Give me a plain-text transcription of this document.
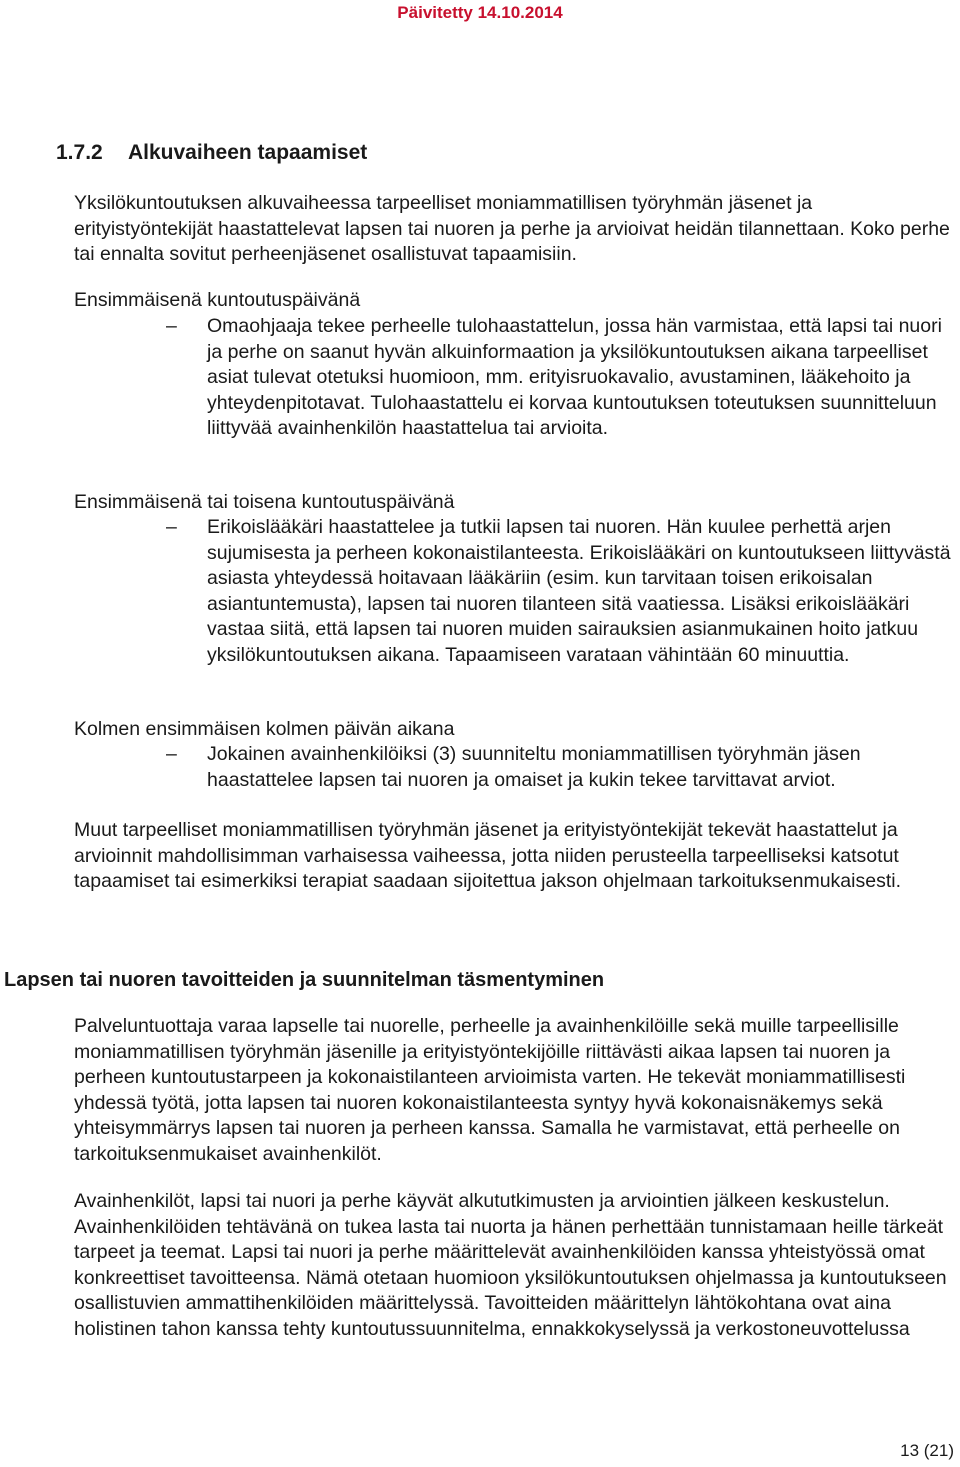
Päivitetty 14.10.2014
1.7.2 Alkuvaiheen tapaamiset

Yksilökuntoutuksen alkuvaiheessa tarpeelliset moniammatillisen työryhmän jäsenet ja erityistyöntekijät haastattelevat lapsen tai nuoren ja perhe ja arvioivat heidän tilannettaan. Koko perhe tai ennalta sovitut perheenjäsenet osallistuvat tapaamisiin.

Ensimmäisenä kuntoutuspäivänä

– Omaohjaaja tekee perheelle tulohaastattelun, jossa hän varmistaa, että lapsi tai nuori ja perhe on saanut hyvän alkuinformaation ja yksilökuntoutuksen aikana tarpeelliset asiat tulevat otetuksi huomioon, mm. erityisruokavalio, avustaminen, lääkehoito ja yhteydenpitotavat. Tulohaastattelu ei korvaa kuntoutuksen toteutuksen suunnitteluun liittyvää avainhenkilön haastattelua tai arvioita.

Ensimmäisenä tai toisena kuntoutuspäivänä

– Erikoislääkäri haastattelee ja tutkii lapsen tai nuoren. Hän kuulee perhettä arjen sujumisesta ja perheen kokonaistilanteesta. Erikoislääkäri on kuntoutukseen liittyvästä asiasta yhteydessä hoitavaan lääkäriin (esim. kun tarvitaan toisen erikoisalan asiantuntemusta), lapsen tai nuoren tilanteen sitä vaatiessa. Lisäksi erikoislääkäri vastaa siitä, että lapsen tai nuoren muiden sairauksien asianmukainen hoito jatkuu yksilökuntoutuksen aikana. Tapaamiseen varataan vähintään 60 minuuttia.

Kolmen ensimmäisen kolmen päivän aikana

– Jokainen avainhenkilöiksi (3) suunniteltu moniammatillisen työryhmän jäsen haastattelee lapsen tai nuoren ja omaiset ja kukin tekee tarvittavat arviot.

Muut tarpeelliset moniammatillisen työryhmän jäsenet ja erityistyöntekijät tekevät haastattelut ja arvioinnit mahdollisimman varhaisessa vaiheessa, jotta niiden perusteella tarpeelliseksi katsotut tapaamiset tai esimerkiksi terapiat saadaan sijoitettua jakson ohjelmaan tarkoituksenmukaisesti.

Lapsen tai nuoren tavoitteiden ja suunnitelman täsmentyminen

Palveluntuottaja varaa lapselle tai nuorelle, perheelle ja avainhenkilöille sekä muille tarpeellisille moniammatillisen työryhmän jäsenille ja erityistyöntekijöille riittävästi aikaa lapsen tai nuoren ja perheen kuntoutustarpeen ja kokonaistilanteen arvioimista varten. He tekevät moniammatillisesti yhdessä työtä, jotta lapsen tai nuoren kokonaistilanteesta syntyy hyvä kokonaisnäkemys sekä yhteisymmärrys lapsen tai nuoren ja perheen kanssa. Samalla he varmistavat, että perheelle on tarkoituksenmukaiset avainhenkilöt.

Avainhenkilöt, lapsi tai nuori ja perhe käyvät alkututkimusten ja arviointien jälkeen keskustelun. Avainhenkilöiden tehtävänä on tukea lasta tai nuorta ja hänen perhettään tunnistamaan heille tärkeät tarpeet ja teemat. Lapsi tai nuori ja perhe määrittelevät avainhenkilöiden kanssa yhteistyössä omat konkreettiset tavoitteensa. Nämä otetaan huomioon yksilökuntoutuksen ohjelmassa ja kuntoutukseen osallistuvien ammattihenkilöiden määrittelyssä. Tavoitteiden määrittelyn lähtökohtana ovat aina holistinen tahon kanssa tehty kuntoutussuunnitelma, ennakkokyselyssä ja verkostoneuvottelussa

13 (21)
